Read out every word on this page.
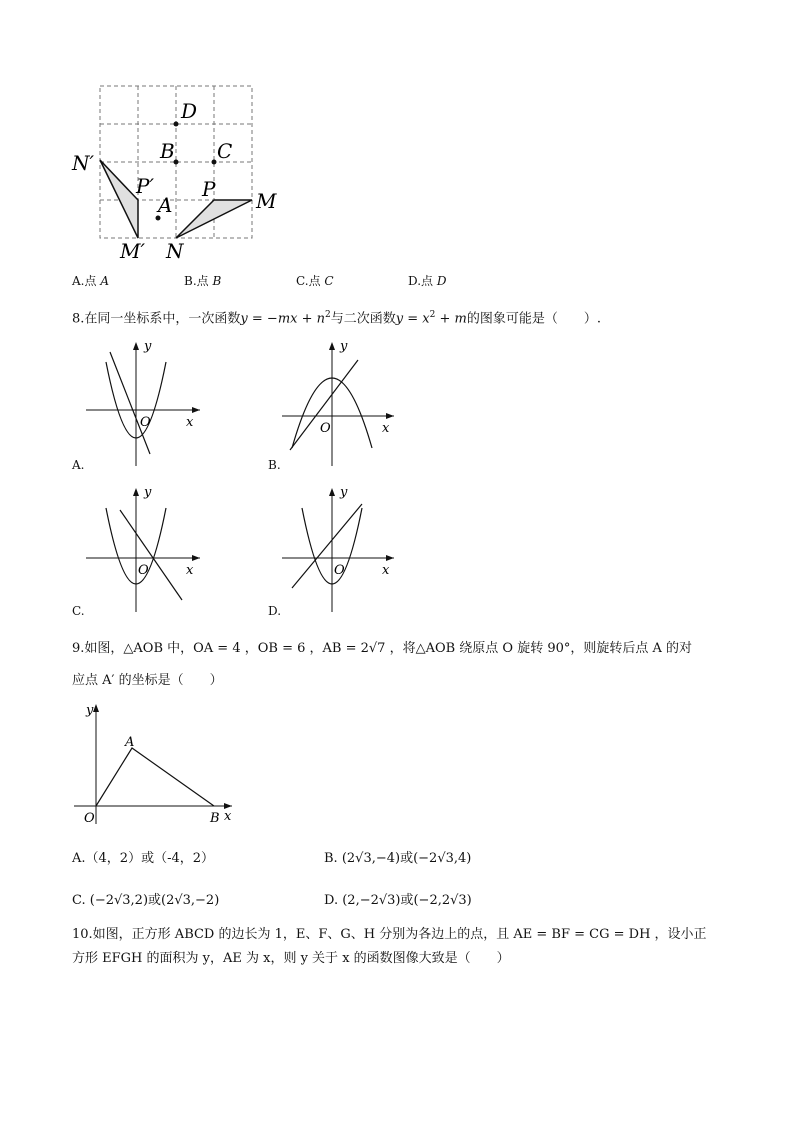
D
B C
N′
P′
A
P M
M′ N
A.点 A	B.点 B	C.点 C	D.点 D
8.在同一坐标系中，一次函数$y = -mx + n^2$与二次函数$y = x^2 + m$的图象可能是（　　）.
y
x
O
A.
y
x
O
B.
y
x
O
C.
y
x
O
D.
9.如图，△AOB 中，OA = 4 ，OB = 6 ，AB = 2√7 ，将△AOB 绕原点 O 旋转 90°，则旋转后点 A 的对
应点 A′ 的坐标是（　　）
y
A
O	B x
A.（4，2）或（-4，2）	B. (2√3,−4)或(−2√3,4)
C. (−2√3,2)或(2√3,−2)	D. (2,−2√3)或(−2,2√3)
10.如图，正方形 ABCD 的边长为 1，E、F、G、H 分别为各边上的点，且 AE = BF = CG = DH ，设小正
方形 EFGH 的面积为 y，AE 为 x，则 y 关于 x 的函数图像大致是（　　）
